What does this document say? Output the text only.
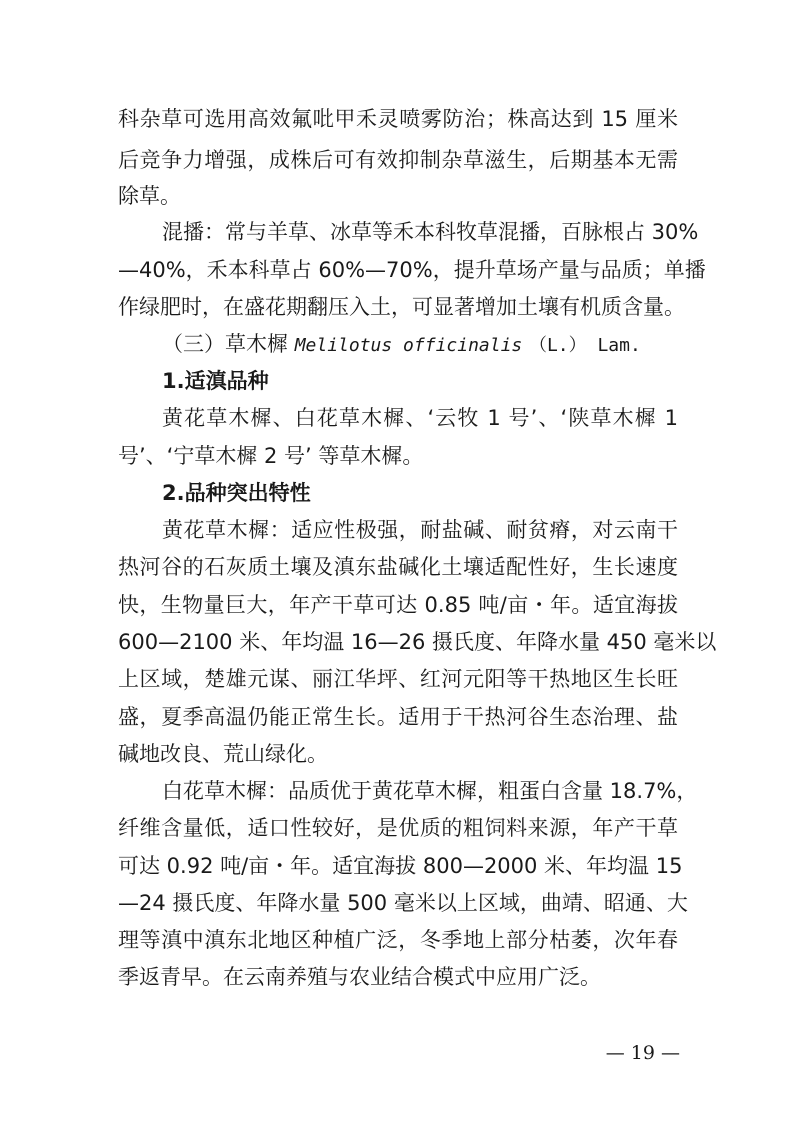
科杂草可选用高效氟吡甲禾灵喷雾防治；株高达到 15 厘米
后竞争力增强，成株后可有效抑制杂草滋生，后期基本无需
除草。
混播：常与羊草、冰草等禾本科牧草混播，百脉根占 30%
—40%，禾本科草占 60%—70%，提升草场产量与品质；单播
作绿肥时，在盛花期翻压入土，可显著增加土壤有机质含量。
（三）草木樨 Melilotus officinalis （L.） Lam.
1.适滇品种
黄花草木樨、白花草木樨、‘云牧 1 号’、‘陕草木樨 1
号’、‘宁草木樨 2 号’ 等草木樨。
2.品种突出特性
黄花草木樨：适应性极强，耐盐碱、耐贫瘠，对云南干
热河谷的石灰质土壤及滇东盐碱化土壤适配性好，生长速度
快，生物量巨大，年产干草可达 0.85 吨/亩・年。适宜海拔
600—2100 米、年均温 16—26 摄氏度、年降水量 450 毫米以
上区域，楚雄元谋、丽江华坪、红河元阳等干热地区生长旺
盛，夏季高温仍能正常生长。适用于干热河谷生态治理、盐
碱地改良、荒山绿化。
白花草木樨：品质优于黄花草木樨，粗蛋白含量 18.7%，
纤维含量低，适口性较好，是优质的粗饲料来源，年产干草
可达 0.92 吨/亩・年。适宜海拔 800—2000 米、年均温 15
—24 摄氏度、年降水量 500 毫米以上区域，曲靖、昭通、大
理等滇中滇东北地区种植广泛，冬季地上部分枯萎，次年春
季返青早。在云南养殖与农业结合模式中应用广泛。
— 19 —
